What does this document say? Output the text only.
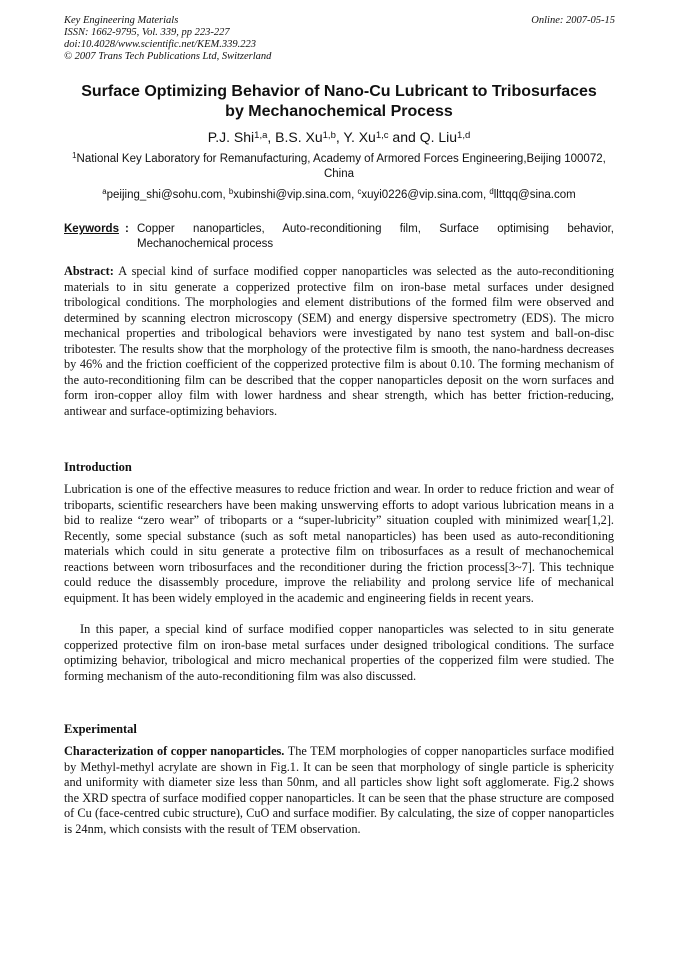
Key Engineering Materials
ISSN: 1662-9795, Vol. 339, pp 223-227
doi:10.4028/www.scientific.net/KEM.339.223
© 2007 Trans Tech Publications Ltd, Switzerland
Online: 2007-05-15
Surface Optimizing Behavior of Nano-Cu Lubricant to Tribosurfaces
by Mechanochemical Process
P.J. Shi$^{1,a}$, B.S. Xu$^{1,b}$, Y. Xu$^{1,c}$ and Q. Liu$^{1,d}$
$^1$National Key Laboratory for Remanufacturing, Academy of Armored Forces Engineering,Beijing 100072, China
$^a$peijing_shi@sohu.com, $^b$xubinshi@vip.sina.com, $^c$xuyi0226@vip.sina.com, $^d$llttqq@sina.com
Keywords : Copper nanoparticles, Auto-reconditioning film, Surface optimising behavior, Mechanochemical process
Abstract: A special kind of surface modified copper nanoparticles was selected as the auto-reconditioning materials to in situ generate a copperized protective film on iron-base metal surfaces under designed tribological conditions. The morphologies and element distributions of the formed film were observed and determined by scanning electron microscopy (SEM) and energy dispersive spectrometry (EDS). The micro mechanical properties and tribological behaviors were investigated by nano test system and ball-on-disc tribotester. The results show that the morphology of the protective film is smooth, the nano-hardness decreases by 46% and the friction coefficient of the copperized protective film is about 0.10. The forming mechanism of the auto-reconditioning film can be described that the copper nanoparticles deposit on the worn surfaces and form iron-copper alloy film with lower hardness and shear strength, which has better friction-reducing, antiwear and surface-optimizing behaviors.
Introduction
Lubrication is one of the effective measures to reduce friction and wear. In order to reduce friction and wear of triboparts, scientific researchers have been making unswerving efforts to adopt various lubrication means in a bid to realize “zero wear” of triboparts or a “super-lubricity” situation coupled with minimized wear[1,2]. Recently, some special substance (such as soft metal nanoparticles) has been used as auto-reconditioning materials which could in situ generate a protective film on tribosurfaces as a result of mechanochemical reactions between worn tribosurfaces and the reconditioner during the friction process[3~7]. This technique could reduce the disassembly procedure, improve the reliability and prolong service life of mechanical equipment. It has been widely employed in the academic and engineering fields in recent years.
In this paper, a special kind of surface modified copper nanoparticles was selected to in situ generate copperized protective film on iron-base metal surfaces under designed tribological conditions. The surface optimizing behavior, tribological and micro mechanical properties of the copperized film were studied. The forming mechanism of the auto-reconditioning film was also discussed.
Experimental
Characterization of copper nanoparticles. The TEM morphologies of copper nanoparticles surface modified by Methyl-methyl acrylate are shown in Fig.1. It can be seen that morphology of single particle is sphericity and uniformity with diameter size less than 50nm, and all particles show light soft agglomerate. Fig.2 shows the XRD spectra of surface modified copper nanoparticles. It can be seen that the phase structure are composed of Cu (face-centred cubic structure), CuO and surface modifier. By calculating, the size of copper nanoparticles is 24nm, which consists with the result of TEM observation.
